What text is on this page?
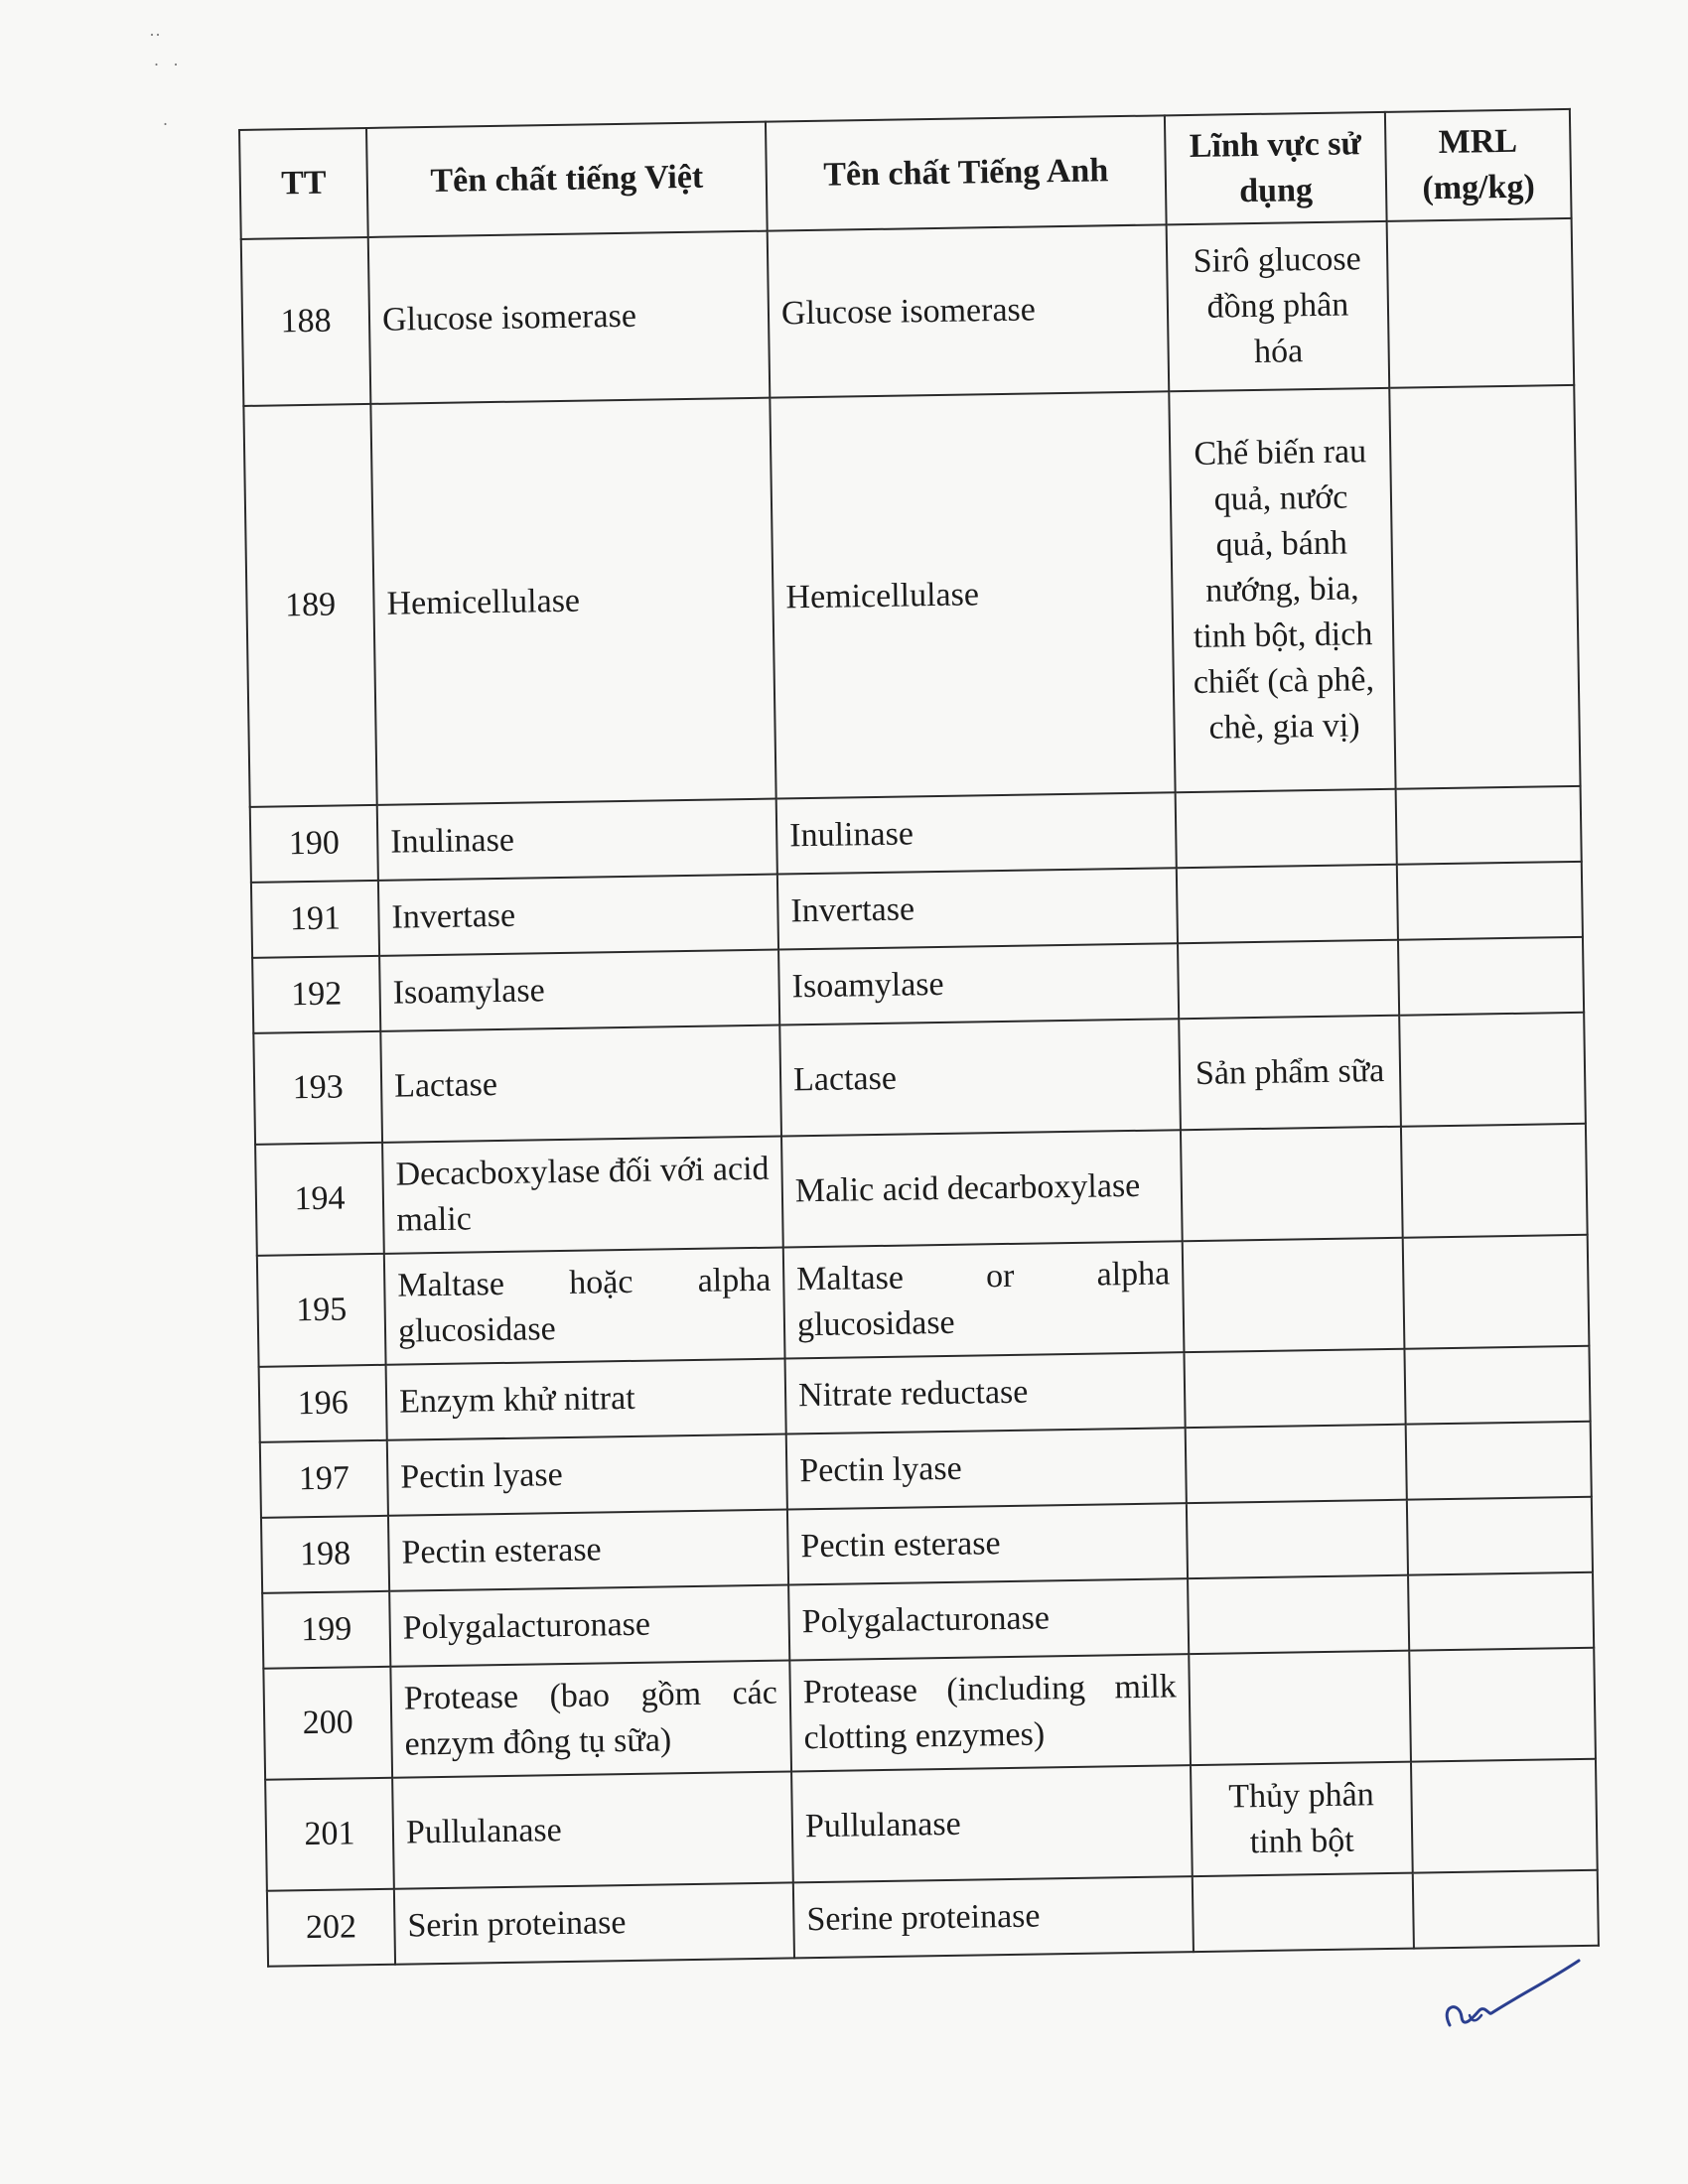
··
·   ·

·
TT	Tên chất tiếng Việt	Tên chất Tiếng Anh	Lĩnh vực sử dụng	MRL (mg/kg)
188	Glucose isomerase	Glucose isomerase	Sirô glucose đồng phân hóa	
189	Hemicellulase	Hemicellulase	Chế biến rau quả, nước quả, bánh nướng, bia, tinh bột, dịch chiết (cà phê, chè, gia vị)	
190	Inulinase	Inulinase		
191	Invertase	Invertase		
192	Isoamylase	Isoamylase		
193	Lactase	Lactase	Sản phẩm sữa	
194	Decacboxylase đối với acid malic	Malic acid decarboxylase		
195	Maltase hoặc alpha glucosidase	Maltase or alpha glucosidase		
196	Enzym khử nitrat	Nitrate reductase		
197	Pectin lyase	Pectin lyase		
198	Pectin esterase	Pectin esterase		
199	Polygalacturonase	Polygalacturonase		
200	Protease (bao gồm các enzym đông tụ sữa)	Protease (including milk clotting enzymes)		
201	Pullulanase	Pullulanase	Thủy phân tinh bột	
202	Serin proteinase	Serine proteinase		
